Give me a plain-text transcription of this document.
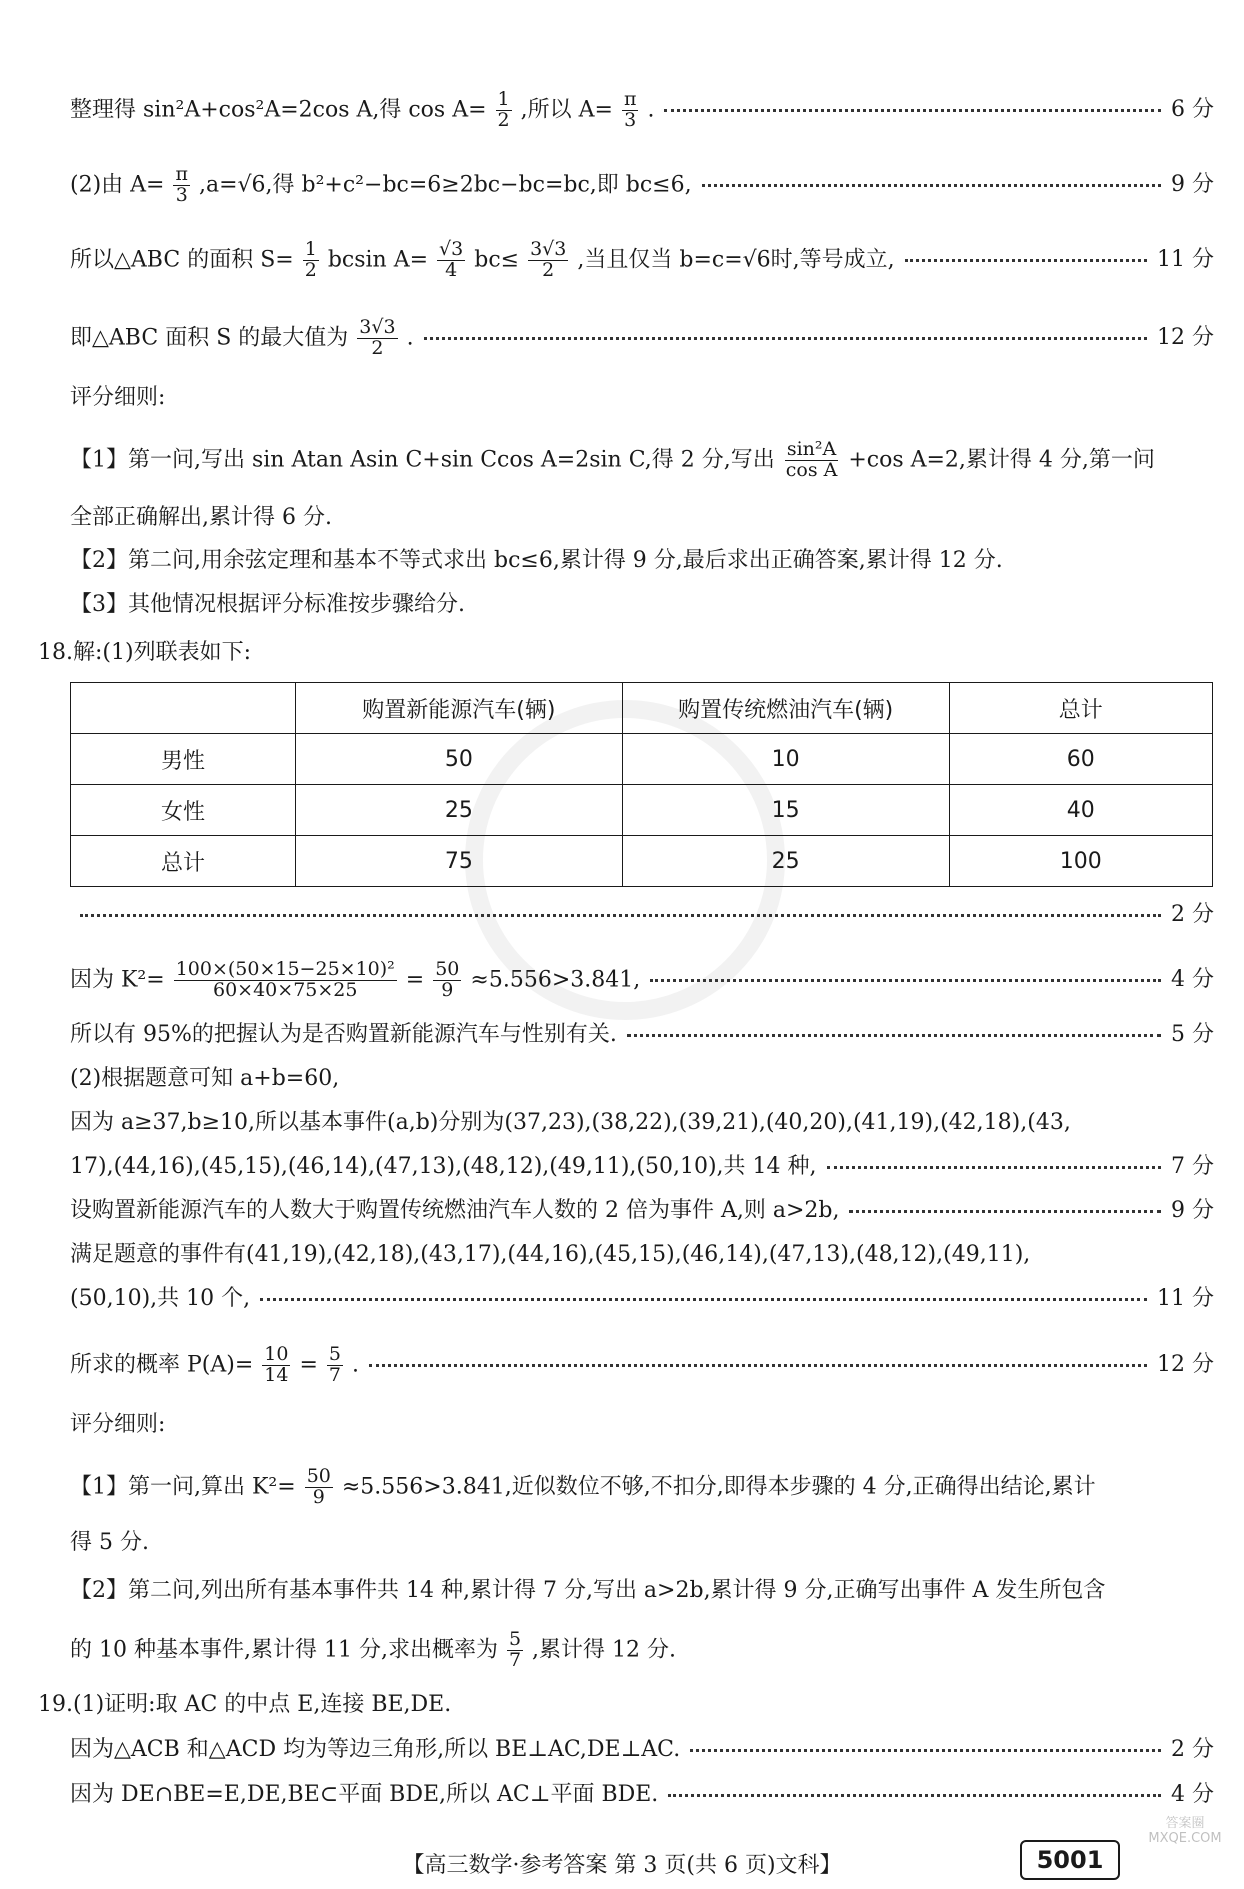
整理得 sin²A+cos²A=2cos A,得 $\cos A= \frac{1}{2}$ ,所以 $A= \frac{\pi}{3}$ .	6 分
(2)由 $A= \frac{\pi}{3} ,a=√6$,得 b²+c²−bc=6≥2bc−bc=bc,即 bc≤6,	9 分
所以△ABC 的面积 $S= \frac{1}{2}$ bcsin $A= \frac{√3}{4} bc\le \frac{3√3}{2}$ ,当且仅当 b=c=√6时,等号成立,	11 分
即△ABC 面积 S 的最大值为 $\frac{3√3}{2}$ .	12 分
评分细则:
【1】第一问,写出 sin Atan Asin C+sin Ccos A=2sin C,得 2 分,写出 $\frac{\text{sin²A}}{\text{cos A}} +\cos$ A=2,累计得 4 分,第一问
全部正确解出,累计得 6 分.
【2】第二问,用余弦定理和基本不等式求出 bc≤6,累计得 9 分,最后求出正确答案,累计得 12 分.
【3】其他情况根据评分标准按步骤给分.
18.解:(1)列联表如下:
	购置新能源汽车(辆)	购置传统燃油汽车(辆)	总计
男性	50	10	60
女性	25	15	40
总计	75	25	100
2 分
因为 $K^2= \frac{\text{100×(50×15−25×10)²}}{60\times 40\times 75\times 25} = \frac{50}{9} \approx 5.556>3.841$,	4 分
所以有 95%的把握认为是否购置新能源汽车与性别有关.	5 分
(2)根据题意可知 a+b=60,
因为 a≥37,b≥10,所以基本事件(a,b)分别为(37,23),(38,22),(39,21),(40,20),(41,19),(42,18),(43,
17),(44,16),(45,15),(46,14),(47,13),(48,12),(49,11),(50,10),共 14 种,	7 分
设购置新能源汽车的人数大于购置传统燃油汽车人数的 2 倍为事件 A,则 a>2b,	9 分
满足题意的事件有(41,19),(42,18),(43,17),(44,16),(45,15),(46,14),(47,13),(48,12),(49,11),
(50,10),共 10 个,	11 分
所求的概率 $P(A)= \frac{10}{14} = \frac{5}{7}$ .	12 分
评分细则:
【1】第一问,算出 $K^2= \frac{50}{9} \approx 5.556>3.841$,近似数位不够,不扣分,即得本步骤的 4 分,正确得出结论,累计
得 5 分.
【2】第二问,列出所有基本事件共 14 种,累计得 7 分,写出 a>2b,累计得 9 分,正确写出事件 A 发生所包含
的 10 种基本事件,累计得 11 分,求出概率为 $\frac{5}{7}$ ,累计得 12 分.
19.(1)证明:取 AC 的中点 E,连接 BE,DE.
因为△ACB 和△ACD 均为等边三角形,所以 BE⊥AC,DE⊥AC.	2 分
因为 DE∩BE=E,DE,BE⊂平面 BDE,所以 AC⊥平面 BDE.	4 分
【高三数学·参考答案 第 3 页(共 6 页)文科】	5001
答案圈 MXQE.COM
